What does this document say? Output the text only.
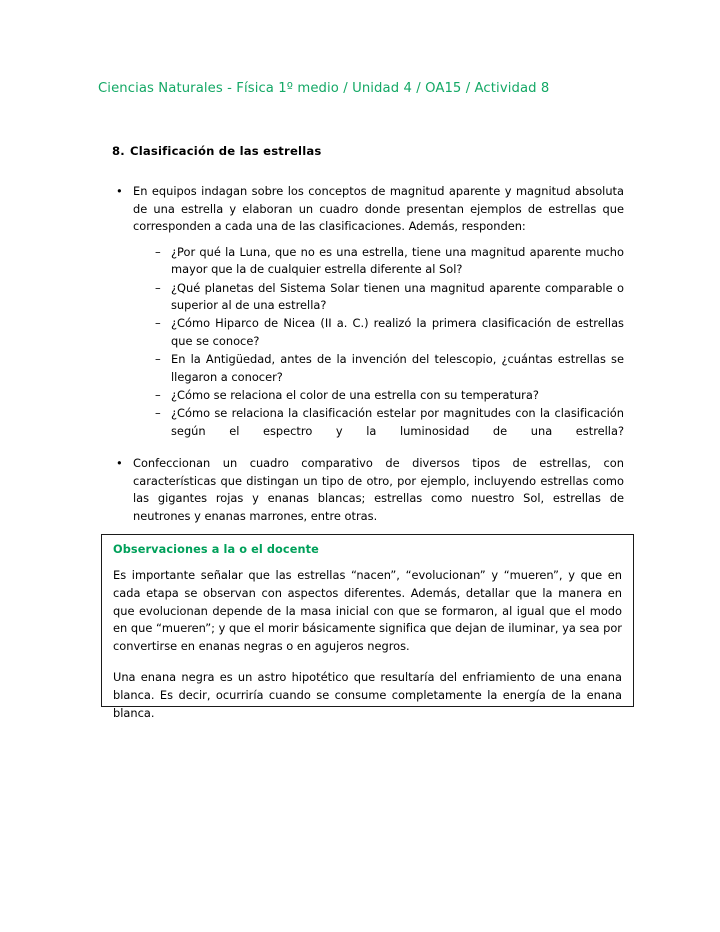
Ciencias Naturales - Física 1º medio / Unidad 4 / OA15 / Actividad 8
8. Clasificación de las estrellas
• En equipos indagan sobre los conceptos de magnitud aparente y magnitud absoluta de una estrella y elaboran un cuadro donde presentan ejemplos de estrellas que corresponden a cada una de las clasificaciones. Además, responden:
– ¿Por qué la Luna, que no es una estrella, tiene una magnitud aparente mucho mayor que la de cualquier estrella diferente al Sol?
– ¿Qué planetas del Sistema Solar tienen una magnitud aparente comparable o superior al de una estrella?
– ¿Cómo Hiparco de Nicea (II a. C.) realizó la primera clasificación de estrellas que se conoce?
– En la Antigüedad, antes de la invención del telescopio, ¿cuántas estrellas se llegaron a conocer?
– ¿Cómo se relaciona el color de una estrella con su temperatura?
– ¿Cómo se relaciona la clasificación estelar por magnitudes con la clasificación según el espectro y la luminosidad de una estrella?
• Confeccionan un cuadro comparativo de diversos tipos de estrellas, con características que distingan un tipo de otro, por ejemplo, incluyendo estrellas como las gigantes rojas y enanas blancas; estrellas como nuestro Sol, estrellas de neutrones y enanas marrones, entre otras.
Observaciones a la o el docente

Es importante señalar que las estrellas “nacen”, “evolucionan” y “mueren”, y que en cada etapa se observan con aspectos diferentes. Además, detallar que la manera en que evolucionan depende de la masa inicial con que se formaron, al igual que el modo en que “mueren”; y que el morir básicamente significa que dejan de iluminar, ya sea por convertirse en enanas negras o en agujeros negros.

Una enana negra es un astro hipotético que resultaría del enfriamiento de una enana blanca. Es decir, ocurriría cuando se consume completamente la energía de la enana blanca.
